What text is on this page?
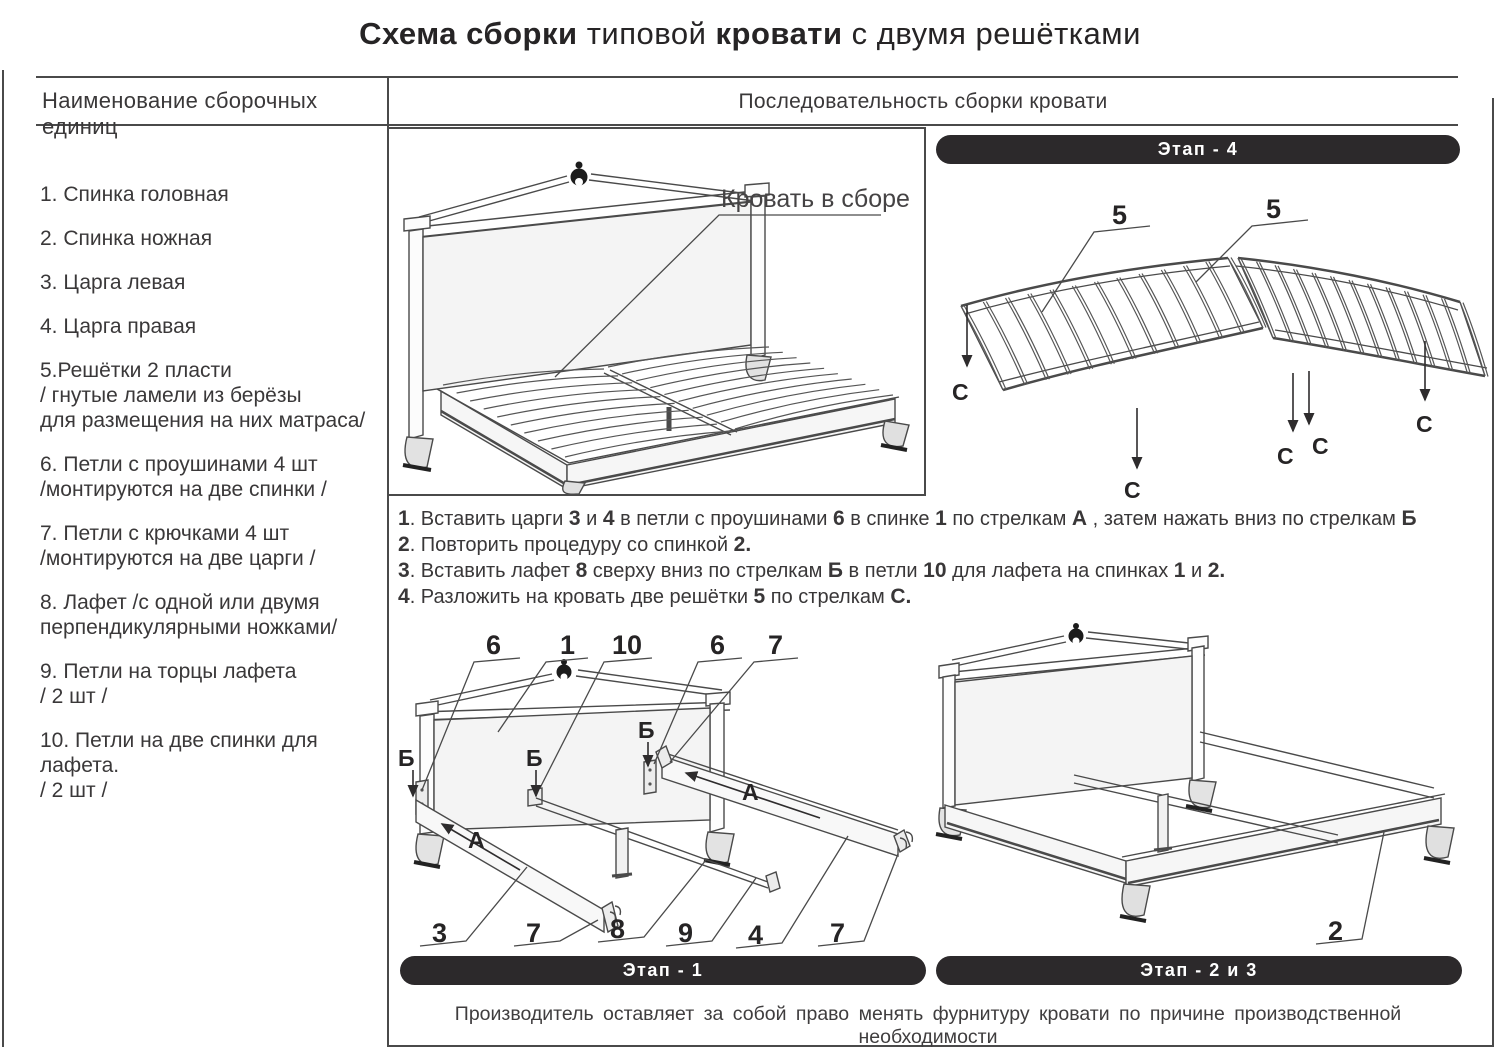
Схема сборки типовой кровати с двумя решётками
Наименование сборочных единиц
Последовательность сборки кровати
1. Спинка головная
2. Спинка ножная
3. Царга левая
4. Царга правая
5.Решётки 2 пласти
/ гнутые ламели из берёзы
для размещения на них матраса/
6. Петли с проушинами 4 шт
/монтируются на две спинки /
7. Петли с крючками 4 шт
/монтируются на две царги /
8. Лафет /с одной или двумя
перпендикулярными ножками/
9. Петли на торцы лафета
/ 2 шт /
10. Петли на две спинки для лафета.
/ 2 шт /
Кровать в сборе
Этап - 4
5	5
С
С
С С
С
1. Вставить царги 3 и 4 в петли с проушинами 6 в спинке 1 по стрелкам А , затем нажать вниз по стрелкам Б
2. Повторить процедуру со спинкой 2.
3. Вставить лафет 8 сверху вниз по стрелкам Б в петли 10 для лафета на спинках 1 и 2.
4. Разложить на кровать две решётки 5 по стрелкам С.
6 1 10	6 7
Б	Б
Б
А
А
3	7	8 9 4 7
Этап - 1
2
Этап - 2 и 3
Производитель оставляет за собой право менять фурнитуру кровати по причине производственной необходимости
